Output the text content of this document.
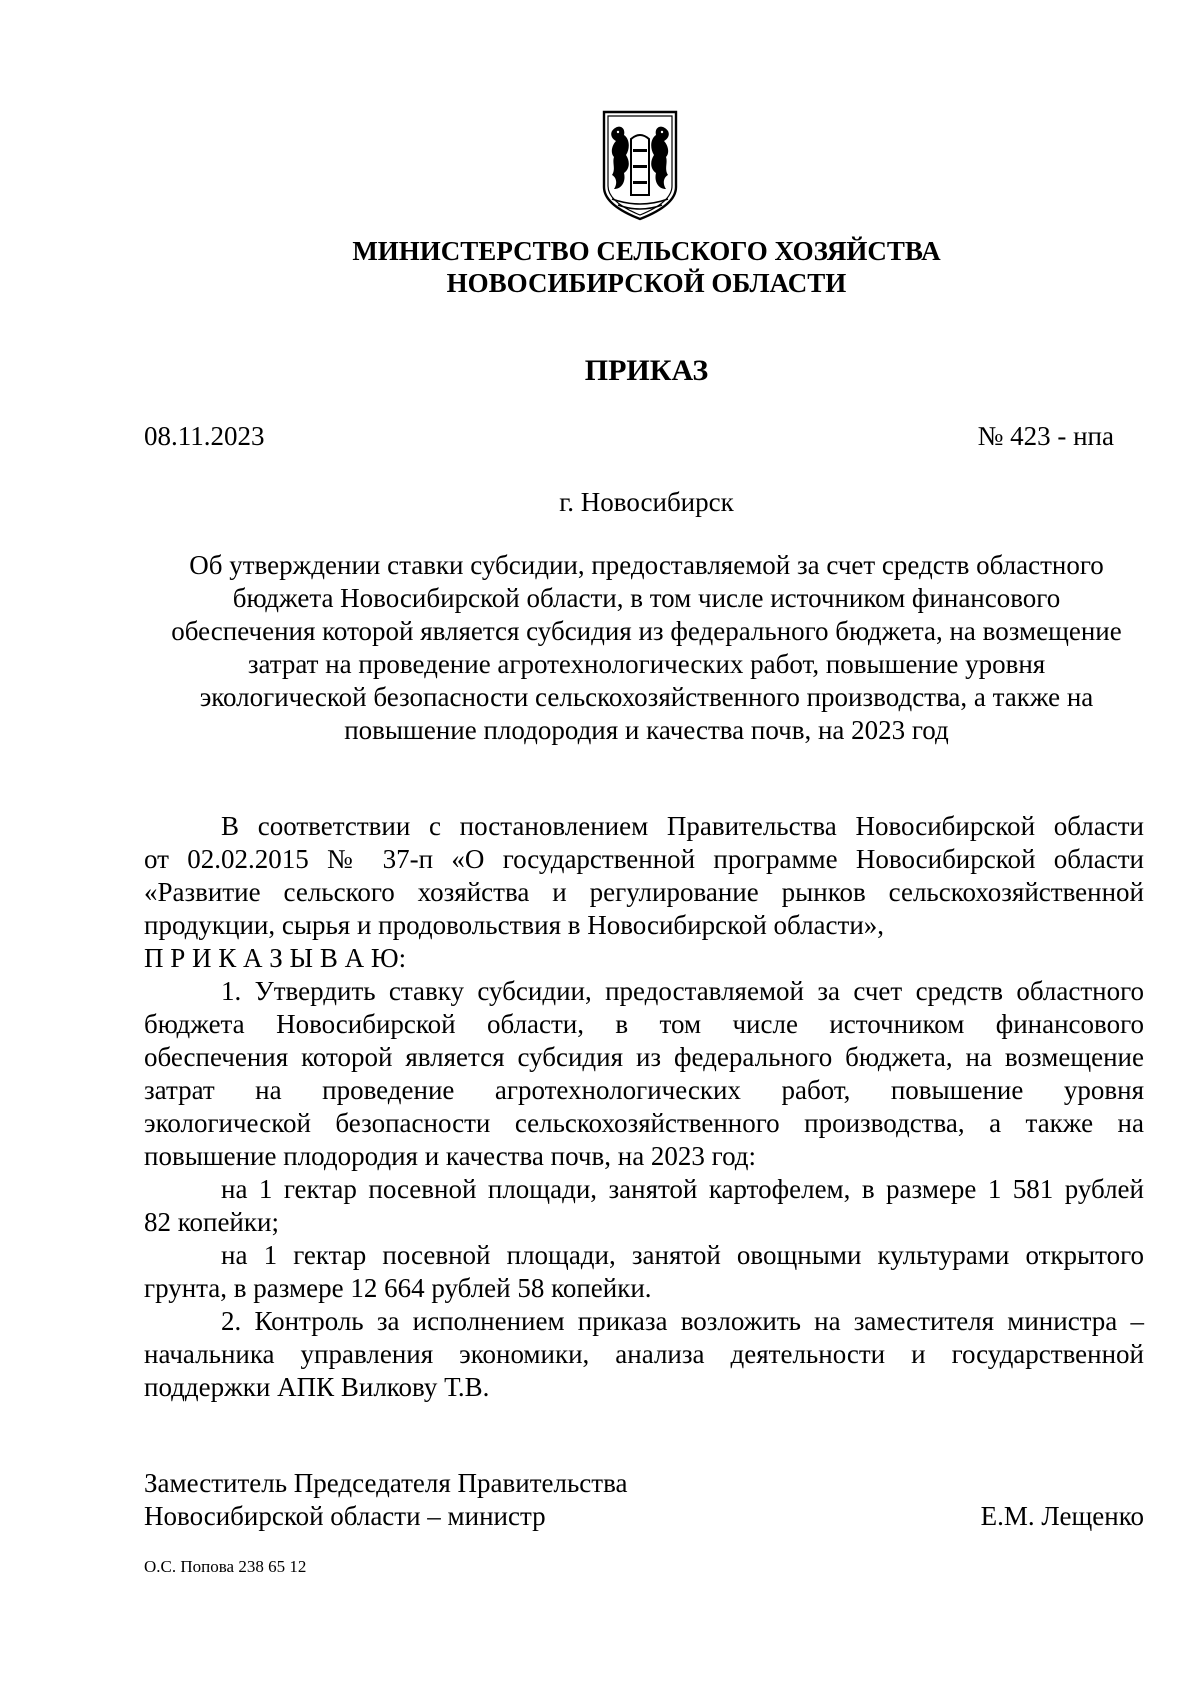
МИНИСТЕРСТВО СЕЛЬСКОГО ХОЗЯЙСТВА
НОВОСИБИРСКОЙ ОБЛАСТИ
ПРИКАЗ
08.11.2023	№ 423 - нпа
г. Новосибирск
Об утверждении ставки субсидии, предоставляемой за счет средств областного
бюджета Новосибирской области, в том числе источником финансового
обеспечения которой является субсидия из федерального бюджета, на возмещение
затрат на проведение агротехнологических работ, повышение уровня
экологической безопасности сельскохозяйственного производства, а также на
повышение плодородия и качества почв, на 2023 год
В соответствии с постановлением Правительства Новосибирской области
от 02.02.2015 № 37-п «О государственной программе Новосибирской области
«Развитие сельского хозяйства и регулирование рынков сельскохозяйственной
продукции, сырья и продовольствия в Новосибирской области»,
П Р И К А З Ы В А Ю:
1. Утвердить ставку субсидии, предоставляемой за счет средств областного
бюджета Новосибирской области, в том числе источником финансового
обеспечения которой является субсидия из федерального бюджета, на возмещение
затрат на проведение агротехнологических работ, повышение уровня
экологической безопасности сельскохозяйственного производства, а также на
повышение плодородия и качества почв, на 2023 год:
на 1 гектар посевной площади, занятой картофелем, в размере 1 581 рублей
82 копейки;
на 1 гектар посевной площади, занятой овощными культурами открытого
грунта, в размере 12 664 рублей 58 копейки.
2. Контроль за исполнением приказа возложить на заместителя министра –
начальника управления экономики, анализа деятельности и государственной
поддержки АПК Вилкову Т.В.
Заместитель Председателя Правительства
Новосибирской области – министр	Е.М. Лещенко
О.С. Попова 238 65 12
